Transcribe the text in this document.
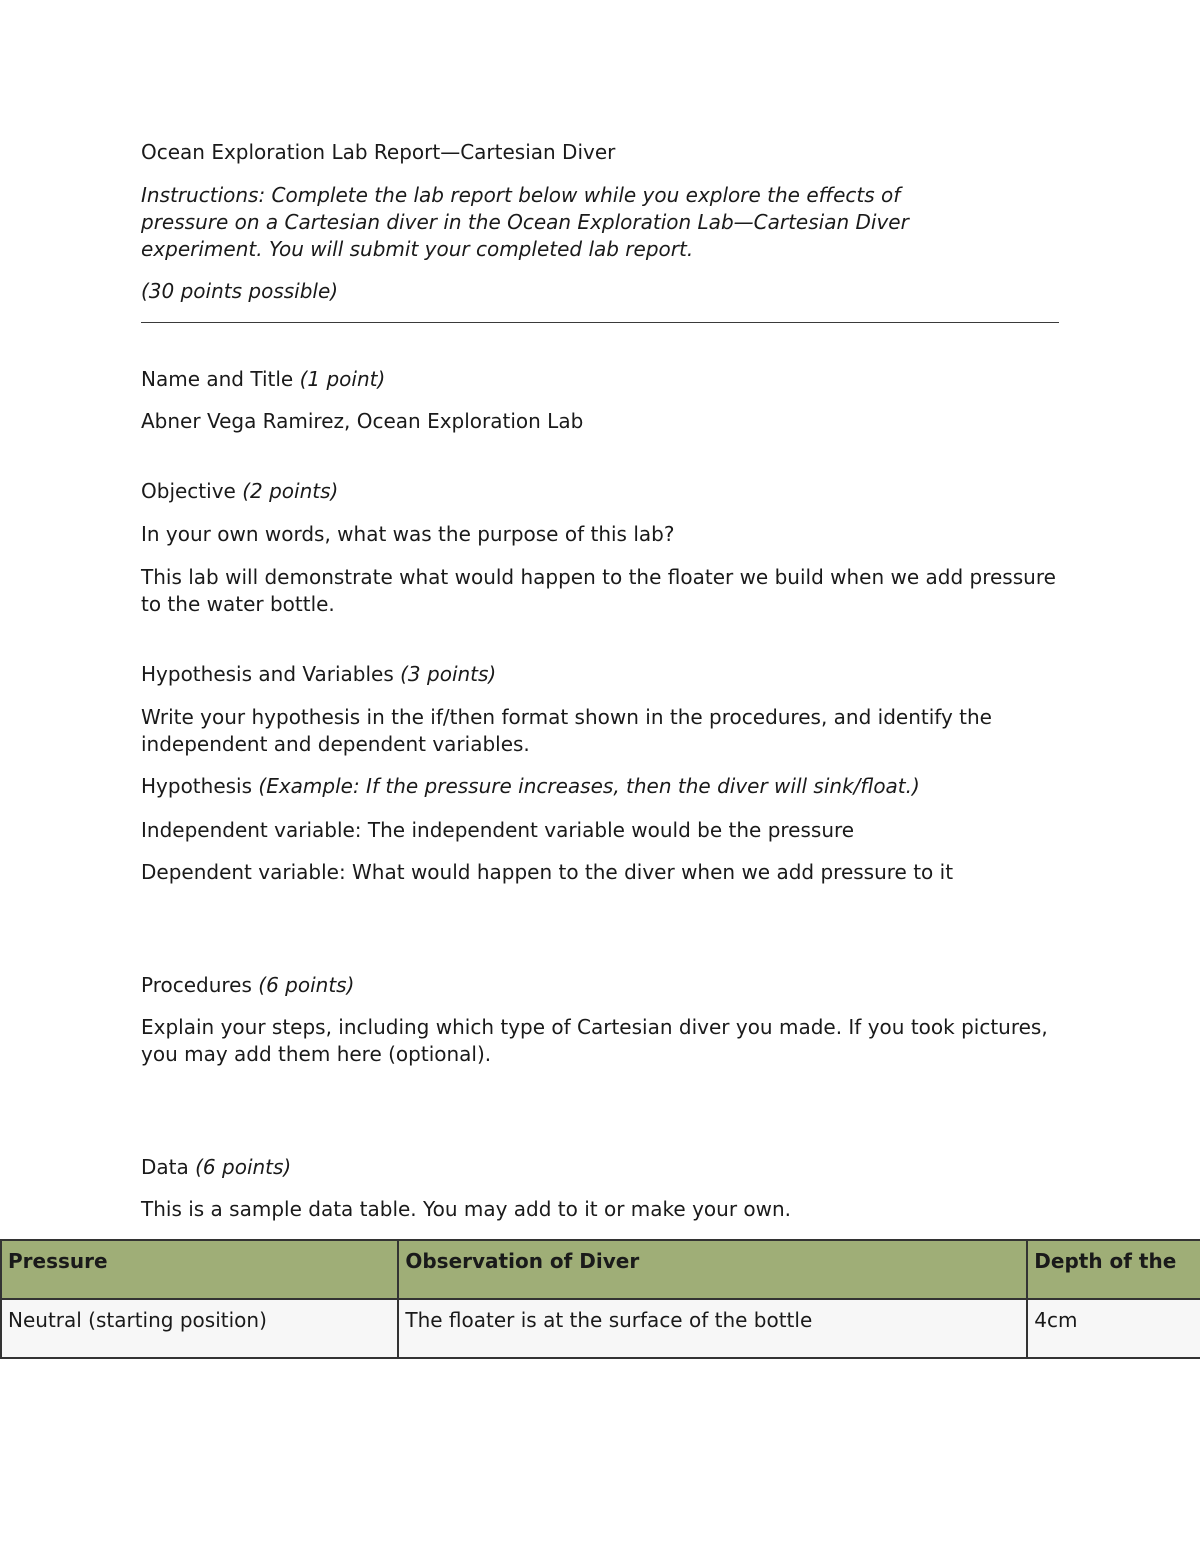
Ocean Exploration Lab Report—Cartesian Diver

Instructions: Complete the lab report below while you explore the effects of pressure on a Cartesian diver in the Ocean Exploration Lab—Cartesian Diver experiment. You will submit your completed lab report.

(30 points possible)

Name and Title (1 point)

Abner Vega Ramirez, Ocean Exploration Lab

Objective (2 points)

In your own words, what was the purpose of this lab?

This lab will demonstrate what would happen to the floater we build when we add pressure to the water bottle.

Hypothesis and Variables (3 points)

Write your hypothesis in the if/then format shown in the procedures, and identify the independent and dependent variables.

Hypothesis (Example: If the pressure increases, then the diver will sink/float.)

Independent variable: The independent variable would be the pressure

Dependent variable: What would happen to the diver when we add pressure to it

Procedures (6 points)

Explain your steps, including which type of Cartesian diver you made. If you took pictures, you may add them here (optional).

Data (6 points)

This is a sample data table. You may add to it or make your own.

Pressure	Observation of Diver	Depth of the
Neutral (starting position)	The floater is at the surface of the bottle	4cm
